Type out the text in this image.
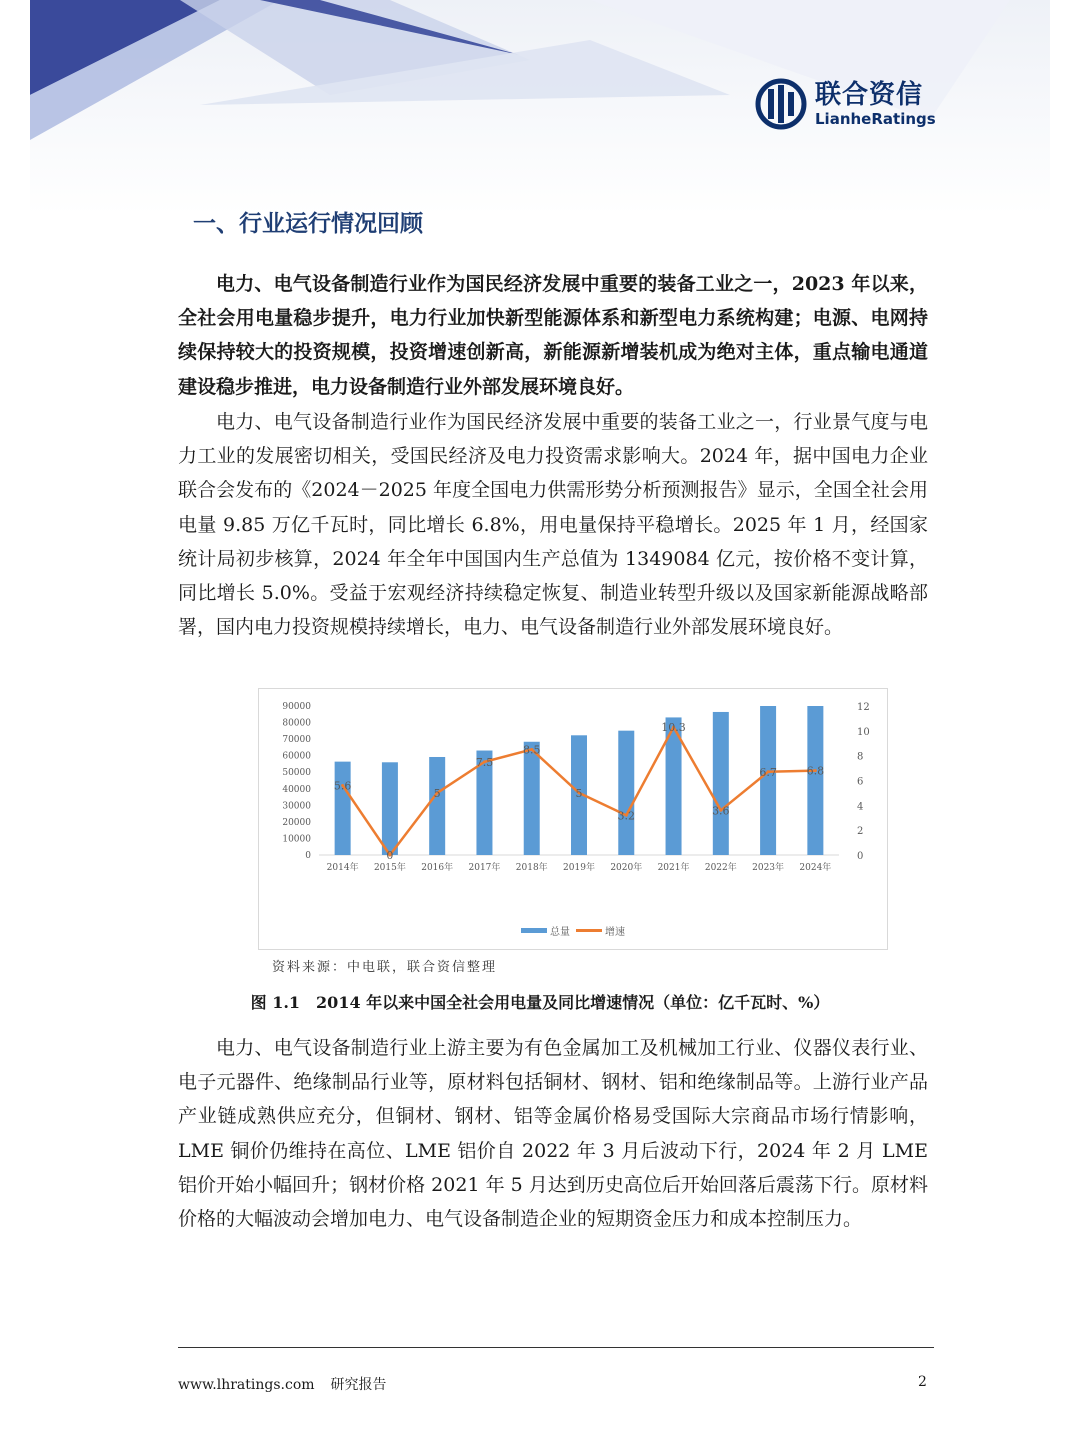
联合资信
LianheRatings
一、行业运行情况回顾

电力、电气设备制造行业作为国民经济发展中重要的装备工业之一，2023 年以来，全社会用电量稳步提升，电力行业加快新型能源体系和新型电力系统构建；电源、电网持续保持较大的投资规模，投资增速创新高，新能源新增装机成为绝对主体，重点输电通道建设稳步推进，电力设备制造行业外部发展环境良好。

电力、电气设备制造行业作为国民经济发展中重要的装备工业之一，行业景气度与电力工业的发展密切相关，受国民经济及电力投资需求影响大。2024 年，据中国电力企业联合会发布的《2024－2025 年度全国电力供需形势分析预测报告》显示，全国全社会用电量 9.85 万亿千瓦时，同比增长 6.8%，用电量保持平稳增长。2025 年 1 月，经国家统计局初步核算，2024 年全年中国国内生产总值为 1349084 亿元，按价格不变计算，同比增长 5.0%。受益于宏观经济持续稳定恢复、制造业转型升级以及国家新能源战略部署，国内电力投资规模持续增长，电力、电气设备制造行业外部发展环境良好。

0
10000
20000
30000
40000
50000
60000
70000
80000
90000
0
2
4
6
8
10
12
2014年 2015年 2016年 2017年 2018年 2019年 2020年 2021年 2022年 2023年 2024年
5.6
0
5
7.5
8.5
5
3.2
10.3
3.6
6.7	6.8
总量	增速
资料来源：中电联，联合资信整理
图 1.1　2014 年以来中国全社会用电量及同比增速情况（单位：亿千瓦时、%）

电力、电气设备制造行业上游主要为有色金属加工及机械加工行业、仪器仪表行业、电子元器件、绝缘制品行业等，原材料包括铜材、钢材、铝和绝缘制品等。上游行业产品产业链成熟供应充分，但铜材、钢材、铝等金属价格易受国际大宗商品市场行情影响，LME 铜价仍维持在高位、LME 铝价自 2022 年 3 月后波动下行，2024 年 2 月 LME 铝价开始小幅回升；钢材价格 2021 年 5 月达到历史高位后开始回落后震荡下行。原材料价格的大幅波动会增加电力、电气设备制造企业的短期资金压力和成本控制压力。

www.lhratings.com 研究报告	2
